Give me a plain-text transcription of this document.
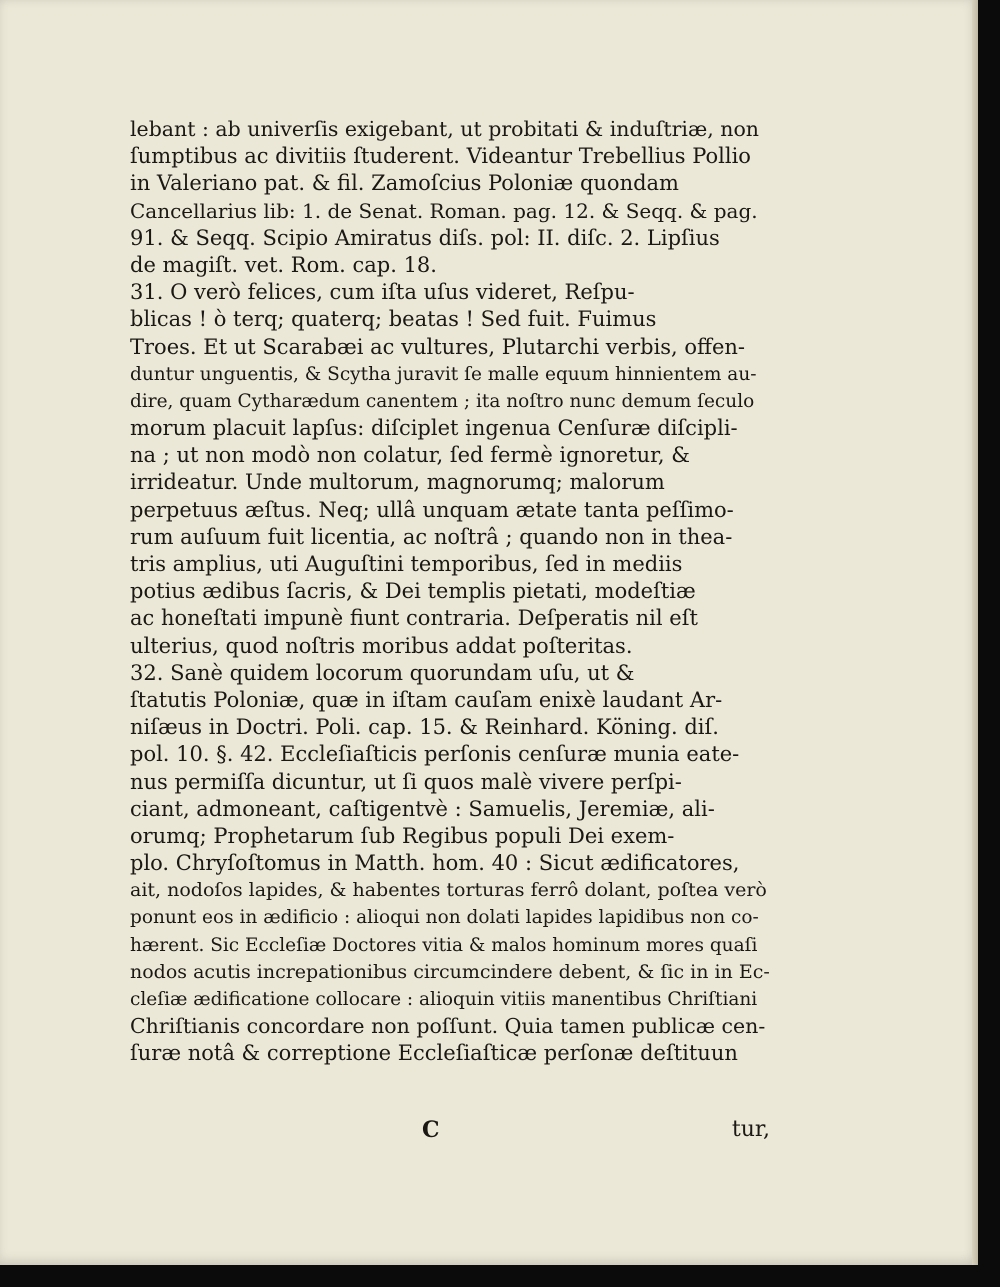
lebant : ab univerſis exigebant, ut probitati & induſtriæ, non
ſumptibus ac divitiis ſtuderent. Videantur Trebellius Pollio
in Valeriano pat. & fil. Zamoſcius Poloniæ quondam
Cancellarius lib: 1. de Senat. Roman. pag. 12. & Seqq. & pag.
91. & Seqq. Scipio Amiratus diſs. pol: II. diſc. 2. Lipſius
de magiſt. vet. Rom. cap. 18.
31. O verò felices, cum iſta uſus videret, Reſpu-
blicas ! ò terq; quaterq; beatas ! Sed fuit. Fuimus
Troes. Et ut Scarabæi ac vultures, Plutarchi verbis, offen-
duntur unguentis, & Scytha juravit ſe malle equum hinnientem au-
dire, quam Cytharædum canentem ; ita noſtro nunc demum ſeculo
morum placuit lapſus: diſciplet ingenua Cenſuræ diſcipli-
na ; ut non modò non colatur, ſed fermè ignoretur, &
irrideatur. Unde multorum, magnorumq; malorum
perpetuus æſtus. Neq; ullâ unquam ætate tanta peſſimo-
rum auſuum fuit licentia, ac noſtrâ ; quando non in thea-
tris amplius, uti Auguſtini temporibus, ſed in mediis
potius ædibus ſacris, & Dei templis pietati, modeſtiæ
ac honeſtati impunè fiunt contraria. Deſperatis nil eſt
ulterius, quod noſtris moribus addat poſteritas.
32. Sanè quidem locorum quorundam uſu, ut &
ſtatutis Poloniæ, quæ in iſtam cauſam enixè laudant Ar-
niſæus in Doctri. Poli. cap. 15. & Reinhard. Köning. diſ.
pol. 10. §. 42. Eccleſiaſticis perſonis cenſuræ munia eate-
nus permiſſa dicuntur, ut ſi quos malè vivere perſpi-
ciant, admoneant, caſtigentvè : Samuelis, Jeremiæ, ali-
orumq; Prophetarum ſub Regibus populi Dei exem-
plo. Chryſoſtomus in Matth. hom. 40 : Sicut ædificatores,
ait, nodoſos lapides, & habentes torturas ferrô dolant, poſtea verò
ponunt eos in ædificio : alioqui non dolati lapides lapidibus non co-
hærent. Sic Eccleſiæ Doctores vitia & malos hominum mores quaſi
nodos acutis increpationibus circumcindere debent, & ſic in in Ec-
cleſiæ ædificatione collocare : alioquin vitiis manentibus Chriſtiani
Chriſtianis concordare non poſſunt. Quia tamen publicæ cen-
ſuræ notâ & correptione Eccleſiaſticæ perſonæ deſtituun
C	tur,
